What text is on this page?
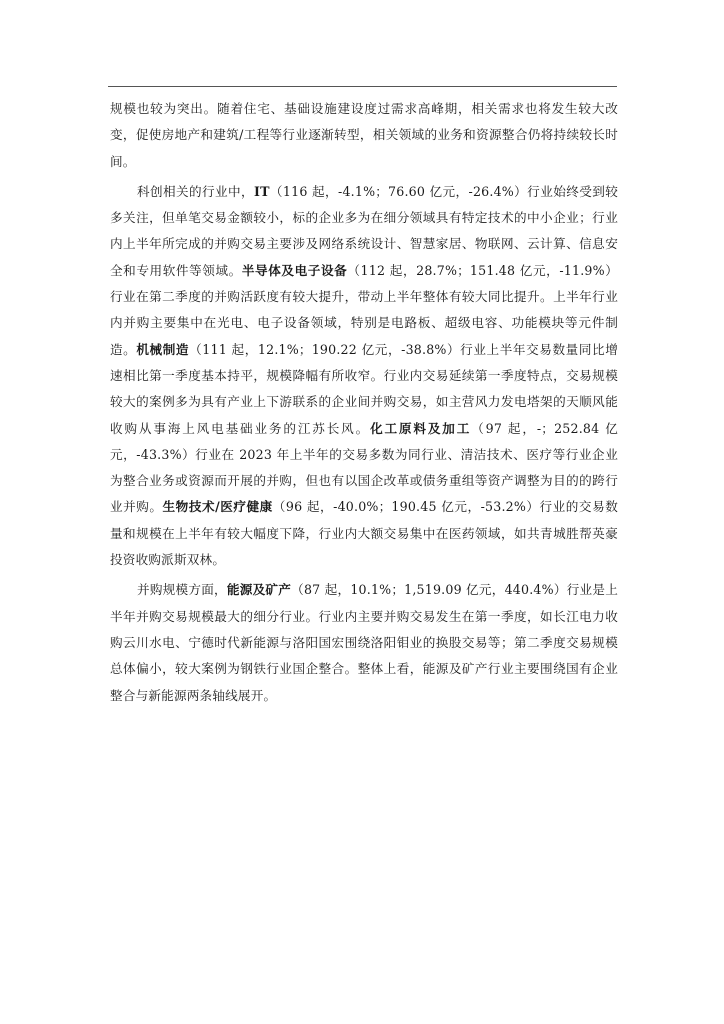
规模也较为突出。随着住宅、基础设施建设度过需求高峰期，相关需求也将发生较大改变，促使房地产和建筑/工程等行业逐渐转型，相关领域的业务和资源整合仍将持续较长时间。

科创相关的行业中，IT（116 起，-4.1%；76.60 亿元，-26.4%）行业始终受到较多关注，但单笔交易金额较小，标的企业多为在细分领域具有特定技术的中小企业；行业内上半年所完成的并购交易主要涉及网络系统设计、智慧家居、物联网、云计算、信息安全和专用软件等领域。半导体及电子设备（112 起，28.7%；151.48 亿元，-11.9%）行业在第二季度的并购活跃度有较大提升，带动上半年整体有较大同比提升。上半年行业内并购主要集中在光电、电子设备领域，特别是电路板、超级电容、功能模块等元件制造。机械制造（111 起，12.1%；190.22 亿元，-38.8%）行业上半年交易数量同比增速相比第一季度基本持平，规模降幅有所收窄。行业内交易延续第一季度特点，交易规模较大的案例多为具有产业上下游联系的企业间并购交易，如主营风力发电塔架的天顺风能收购从事海上风电基础业务的江苏长风。化工原料及加工（97 起，-；252.84 亿元，-43.3%）行业在 2023 年上半年的交易多数为同行业、清洁技术、医疗等行业企业为整合业务或资源而开展的并购，但也有以国企改革或债务重组等资产调整为目的的跨行业并购。生物技术/医疗健康（96 起，-40.0%；190.45 亿元，-53.2%）行业的交易数量和规模在上半年有较大幅度下降，行业内大额交易集中在医药领域，如共青城胜帮英豪投资收购派斯双林。

并购规模方面，能源及矿产（87 起，10.1%；1,519.09 亿元，440.4%）行业是上半年并购交易规模最大的细分行业。行业内主要并购交易发生在第一季度，如长江电力收购云川水电、宁德时代新能源与洛阳国宏围绕洛阳钼业的换股交易等；第二季度交易规模总体偏小，较大案例为钢铁行业国企整合。整体上看，能源及矿产行业主要围绕国有企业整合与新能源两条轴线展开。
